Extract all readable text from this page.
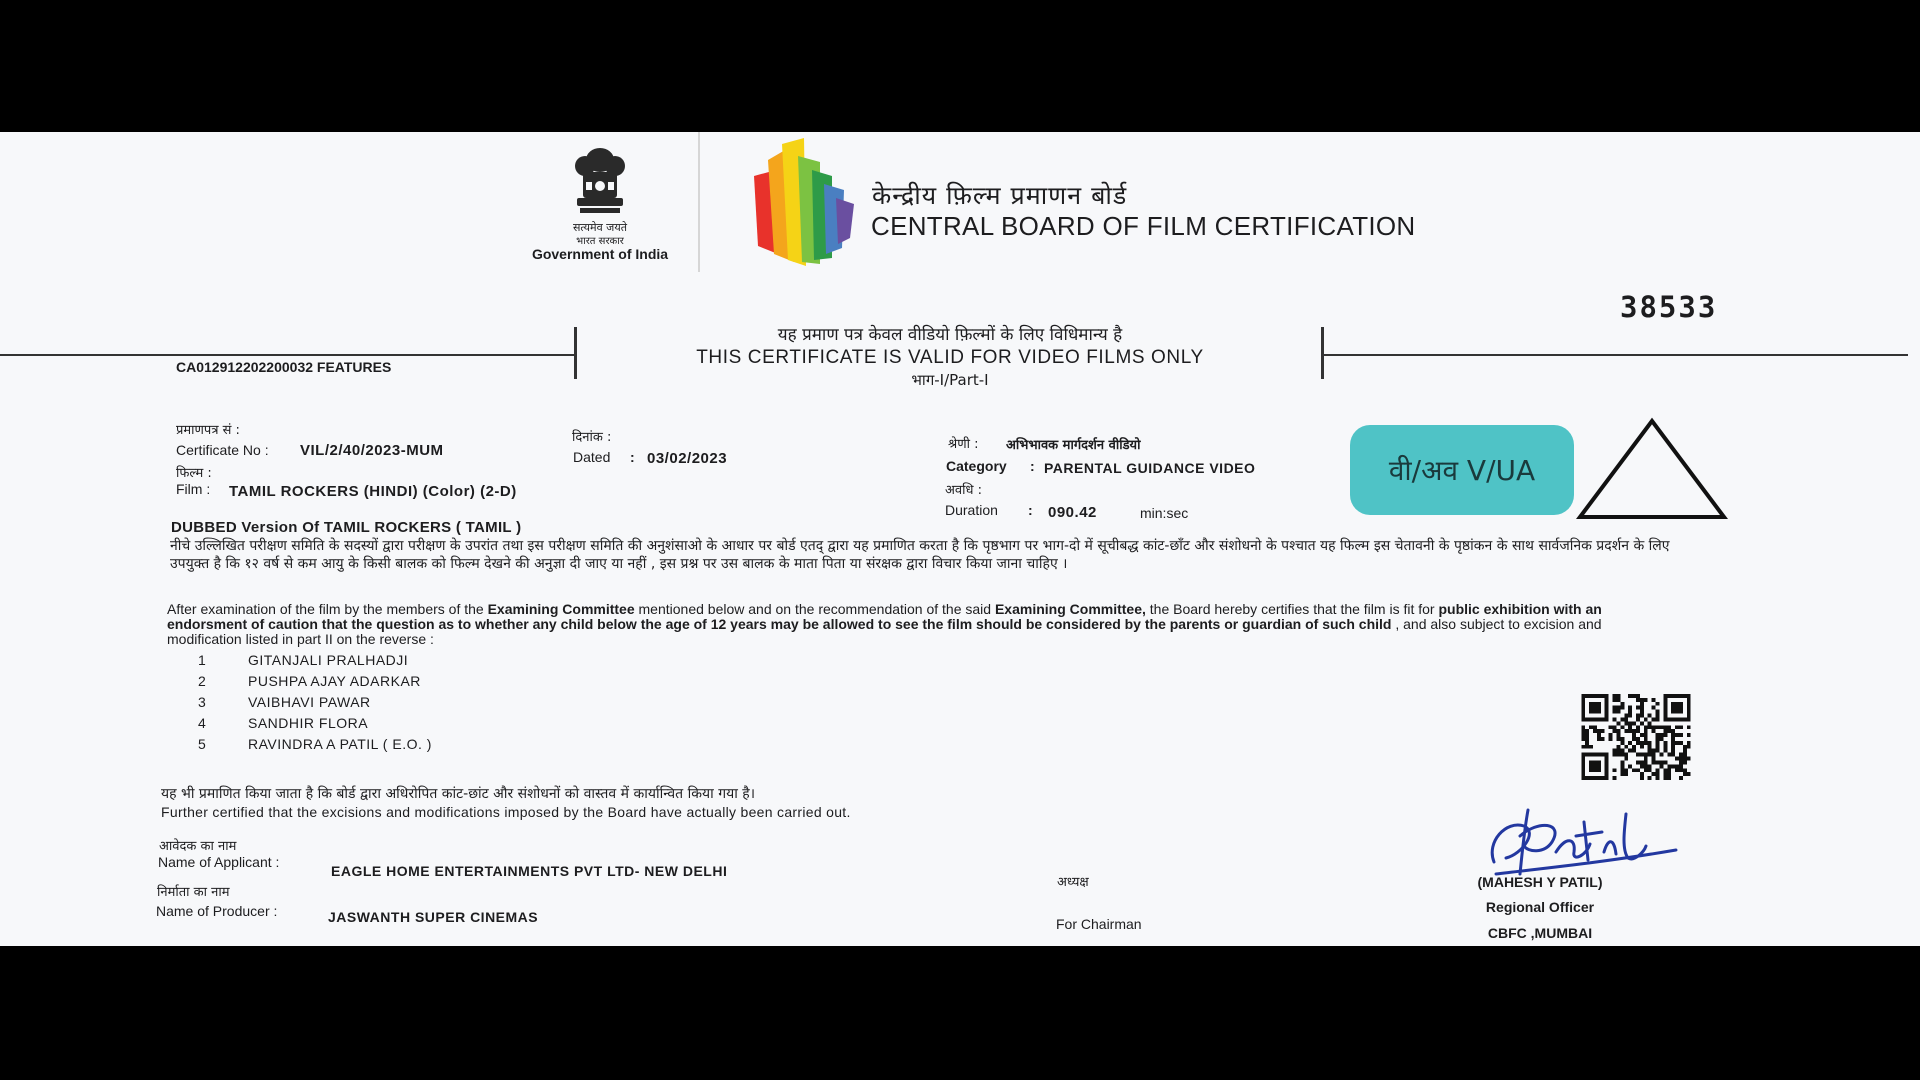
सत्यमेव जयते
भारत सरकार
Government of India
केन्द्रीय फ़िल्म प्रमाणन बोर्ड
CENTRAL BOARD OF FILM CERTIFICATION
38533
यह प्रमाण पत्र केवल वीडियो फ़िल्मों के लिए विधिमान्य है
THIS CERTIFICATE IS VALID FOR VIDEO FILMS ONLY
भाग-I/Part-I
CA012912202200032 FEATURES
प्रमाणपत्र सं :
Certificate No : VIL/2/40/2023-MUM
दिनांक :
Dated : 03/02/2023
फिल्म :
Film : TAMIL ROCKERS (HINDI) (Color) (2-D)
श्रेणी : अभिभावक मार्गदर्शन वीडियो
Category : PARENTAL GUIDANCE VIDEO
अवधि :
Duration : 090.42	min:sec
वी/अव V/UA
DUBBED Version Of TAMIL ROCKERS ( TAMIL )
नीचे उल्लिखित परीक्षण समिति के सदस्यों द्वारा परीक्षण के उपरांत तथा इस परीक्षण समिति की अनुशंसाओ के आधार पर बोर्ड एतद् द्वारा यह प्रमाणित करता है कि पृष्ठभाग पर भाग-दो में सूचीबद्ध कांट-छाँट और संशोधनो के पश्चात यह फिल्म इस चेतावनी के पृष्ठांकन के साथ सार्वजनिक प्रदर्शन के लिए उपयुक्त है कि १२ वर्ष से कम आयु के किसी बालक को फिल्म देखने की अनुज्ञा दी जाए या नहीं , इस प्रश्न पर उस बालक के माता पिता या संरक्षक द्वारा विचार किया जाना चाहिए ।
After examination of the film by the members of the Examining Committee mentioned below and on the recommendation of the said Examining Committee, the Board hereby certifies that the film is fit for public exhibition with an endorsment of caution that the question as to whether any child below the age of 12 years may be allowed to see the film should be considered by the parents or guardian of such child , and also subject to excision and modification listed in part II on the reverse :
1	GITANJALI PRALHADJI
2	PUSHPA AJAY ADARKAR
3	VAIBHAVI PAWAR
4	SANDHIR FLORA
5	RAVINDRA A PATIL ( E.O. )
यह भी प्रमाणित किया जाता है कि बोर्ड द्वारा अधिरोपित कांट-छांट और संशोधनों को वास्तव में कार्यान्वित किया गया है।
Further certified that the excisions and modifications imposed by the Board have actually been carried out.
आवेदक का नाम
Name of Applicant :
EAGLE HOME ENTERTAINMENTS PVT LTD- NEW DELHI
निर्माता का नाम
Name of Producer :	JASWANTH SUPER CINEMAS
अध्यक्ष
For Chairman
(MAHESH Y PATIL)
Regional Officer
CBFC ,MUMBAI
